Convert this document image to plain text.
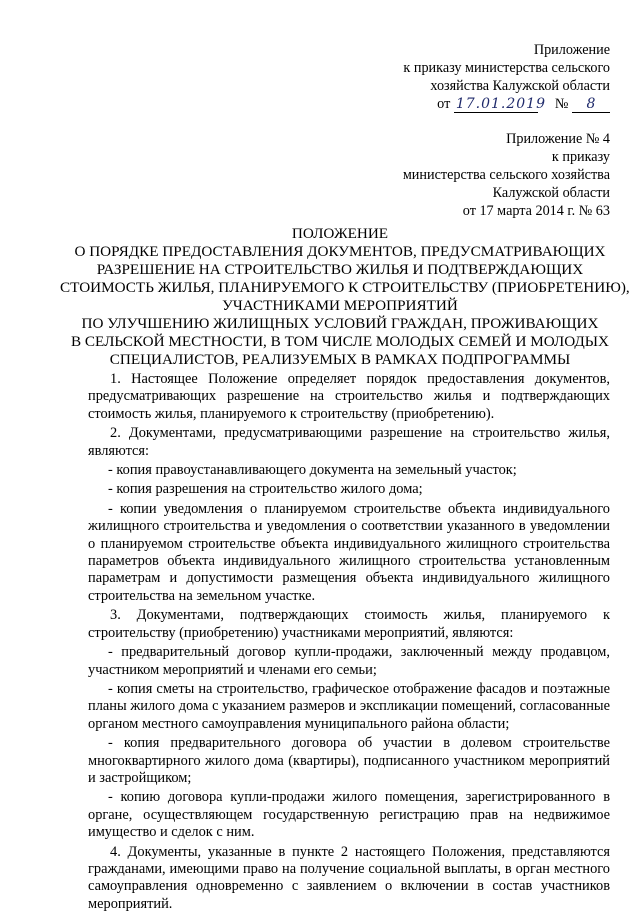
Приложение
к приказу министерства сельского
хозяйства Калужской области
от 17.01.2019 № 8
Приложение № 4
к приказу
министерства сельского хозяйства
Калужской области
от 17 марта 2014 г. № 63
ПОЛОЖЕНИЕ
О ПОРЯДКЕ ПРЕДОСТАВЛЕНИЯ ДОКУМЕНТОВ, ПРЕДУСМАТРИВАЮЩИХ
РАЗРЕШЕНИЕ НА СТРОИТЕЛЬСТВО ЖИЛЬЯ И ПОДТВЕРЖДАЮЩИХ
СТОИМОСТЬ ЖИЛЬЯ, ПЛАНИРУЕМОГО К СТРОИТЕЛЬСТВУ (ПРИОБРЕТЕНИЮ),
УЧАСТНИКАМИ МЕРОПРИЯТИЙ
ПО УЛУЧШЕНИЮ ЖИЛИЩНЫХ УСЛОВИЙ ГРАЖДАН, ПРОЖИВАЮЩИХ
В СЕЛЬСКОЙ МЕСТНОСТИ, В ТОМ ЧИСЛЕ МОЛОДЫХ СЕМЕЙ И МОЛОДЫХ
СПЕЦИАЛИСТОВ, РЕАЛИЗУЕМЫХ В РАМКАХ ПОДПРОГРАММЫ

1. Настоящее Положение определяет порядок предоставления документов, предусматривающих разрешение на строительство жилья и подтверждающих стоимость жилья, планируемого к строительству (приобретению).

2. Документами, предусматривающими разрешение на строительство жилья, являются:

- копия правоустанавливающего документа на земельный участок;

- копия разрешения на строительство жилого дома;

- копии уведомления о планируемом строительстве объекта индивидуального жилищного строительства и уведомления о соответствии указанного в уведомлении о планируемом строительстве объекта индивидуального жилищного строительства параметров объекта индивидуального жилищного строительства установленным параметрам и допустимости размещения объекта индивидуального жилищного строительства на земельном участке.

3. Документами, подтверждающих стоимость жилья, планируемого к строительству (приобретению) участниками мероприятий, являются:

- предварительный договор купли-продажи, заключенный между продавцом, участником мероприятий и членами его семьи;

- копия сметы на строительство, графическое отображение фасадов и поэтажные планы жилого дома с указанием размеров и экспликации помещений, согласованные органом местного самоуправления муниципального района области;

- копия предварительного договора об участии в долевом строительстве многоквартирного жилого дома (квартиры), подписанного участником мероприятий и застройщиком;

- копию договора купли-продажи жилого помещения, зарегистрированного в органе, осуществляющем государственную регистрацию прав на недвижимое имущество и сделок с ним.

4. Документы, указанные в пункте 2 настоящего Положения, представляются гражданами, имеющими право на получение социальной выплаты, в орган местного самоуправления одновременно с заявлением о включении в состав участников мероприятий.
